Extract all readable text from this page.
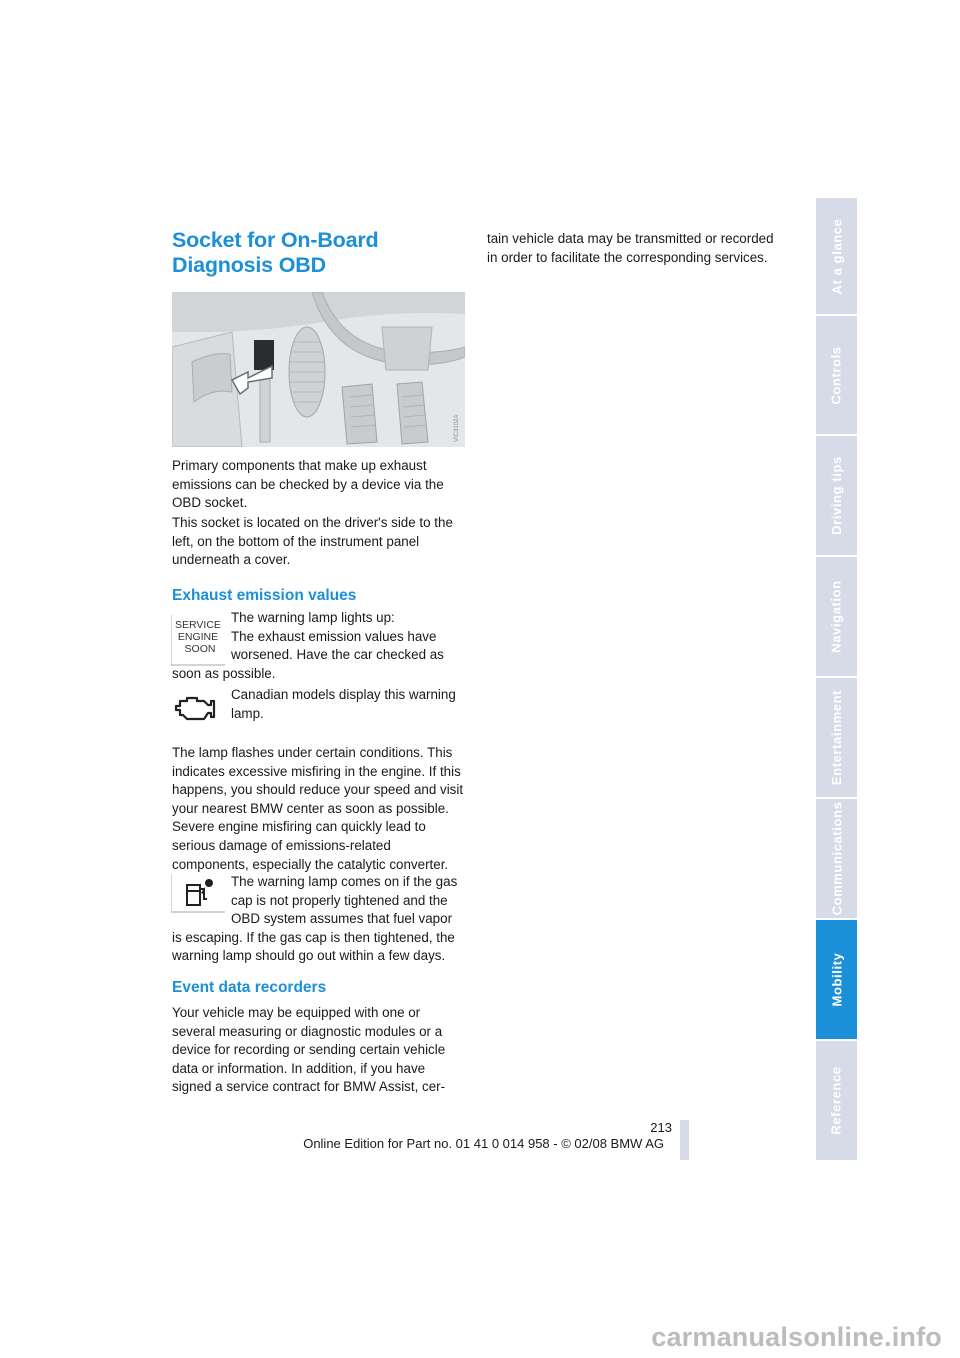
Socket for On-Board
Diagnosis OBD
VIC3102A
Primary components that make up exhaust emissions can be checked by a device via the OBD socket.
This socket is located on the driver's side to the left, on the bottom of the instrument panel underneath a cover.
Exhaust emission values
SERVICE
ENGINE
SOON
The warning lamp lights up:
The exhaust emission values have
worsened. Have the car checked as
soon as possible.
Canadian models display this warning
lamp.
The lamp flashes under certain conditions. This indicates excessive misfiring in the engine. If this happens, you should reduce your speed and visit your nearest BMW center as soon as possible. Severe engine misfiring can quickly lead to serious damage of emissions-related components, especially the catalytic converter.
The warning lamp comes on if the gas
cap is not properly tightened and the
OBD system assumes that fuel vapor
is escaping. If the gas cap is then tightened, the warning lamp should go out within a few days.
Event data recorders
Your vehicle may be equipped with one or several measuring or diagnostic modules or a device for recording or sending certain vehicle data or information. In addition, if you have signed a service contract for BMW Assist, cer-
tain vehicle data may be transmitted or recorded in order to facilitate the corresponding services.	At a glance
Controls
Driving tips
Navigation
Entertainment
Communications
Mobility
Reference
213
Online Edition for Part no. 01 41 0 014 958 - © 02/08 BMW AG
carmanualsonline.info
